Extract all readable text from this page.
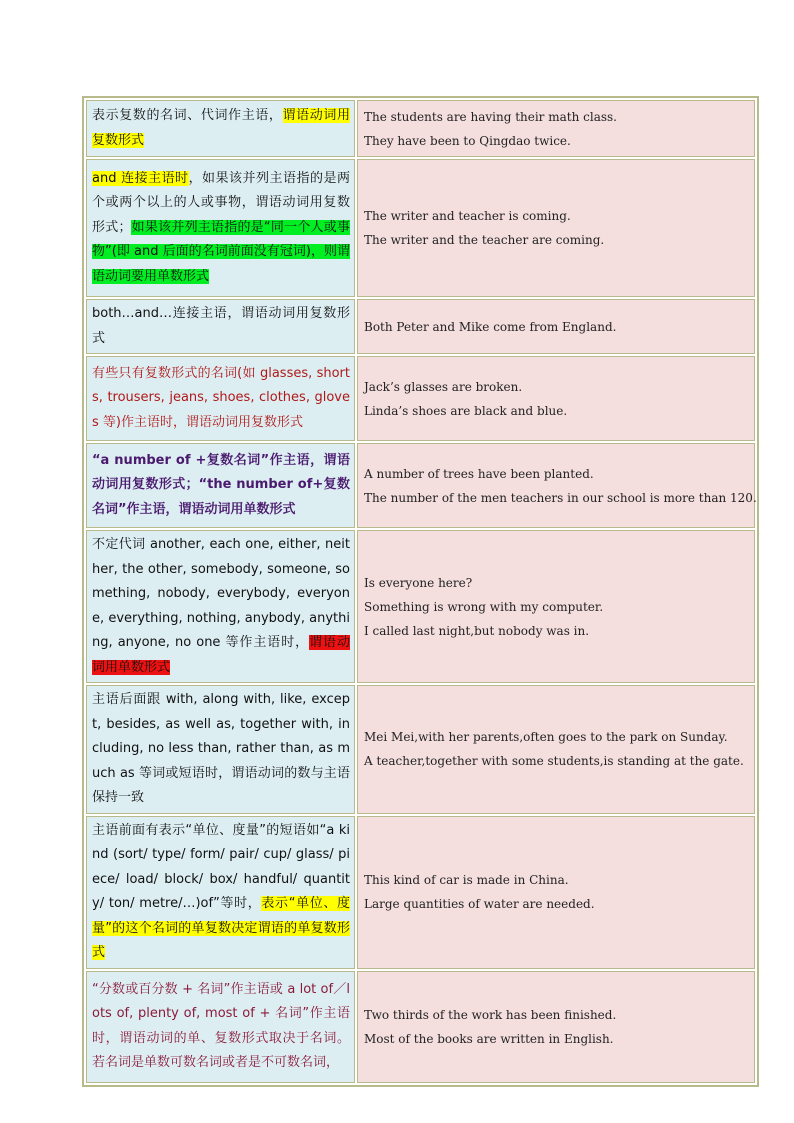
表示复数的名词、代词作主语，谓语动词用复数形式	The students are having their math class.
They have been to Qingdao twice.

and 连接主语时，如果该并列主语指的是两个或两个以上的人或事物，谓语动词用复数形式；如果该并列主语指的是“同一个人或事物”(即 and 后面的名词前面没有冠词)，则谓语动词要用单数形式	The writer and teacher is coming.
The writer and the teacher are coming.

both…and…连接主语，谓语动词用复数形式	Both Peter and Mike come from England.

有些只有复数形式的名词(如 glasses, shorts, trousers, jeans, shoes, clothes, gloves 等)作主语时，谓语动词用复数形式	Jack’s glasses are broken.
Linda’s shoes are black and blue.

“a number of +复数名词”作主语，谓语动词用复数形式；“the number of+复数名词”作主语，谓语动词用单数形式	A number of trees have been planted.
The number of the men teachers in our school is more than 120.

不定代词 another, each one, either, neither, the other, somebody, someone, something, nobody, everybody, everyone, everything, nothing, anybody, anything, anyone, no one 等作主语时，谓语动词用单数形式	Is everyone here?
Something is wrong with my computer.
I called last night,but nobody was in.

主语后面跟 with, along with, like, except, besides, as well as, together with, including, no less than, rather than, as much as 等词或短语时，谓语动词的数与主语保持一致	Mei Mei,with her parents,often goes to the park on Sunday.
A teacher,together with some students,is standing at the gate.

主语前面有表示“单位、度量”的短语如“a kind (sort/ type/ form/ pair/ cup/ glass/ piece/ load/ block/ box/ handful/ quantity/ ton/ metre/…)of”等时，表示“单位、度量”的这个名词的单复数决定谓语的单复数形式	This kind of car is made in China.
Large quantities of water are needed.

“分数或百分数 + 名词”作主语或 a lot of／lots of, plenty of, most of + 名词”作主语时，谓语动词的单、复数形式取决于名词。若名词是单数可数名词或者是不可数名词，	Two thirds of the work has been finished.
Most of the books are written in English.
